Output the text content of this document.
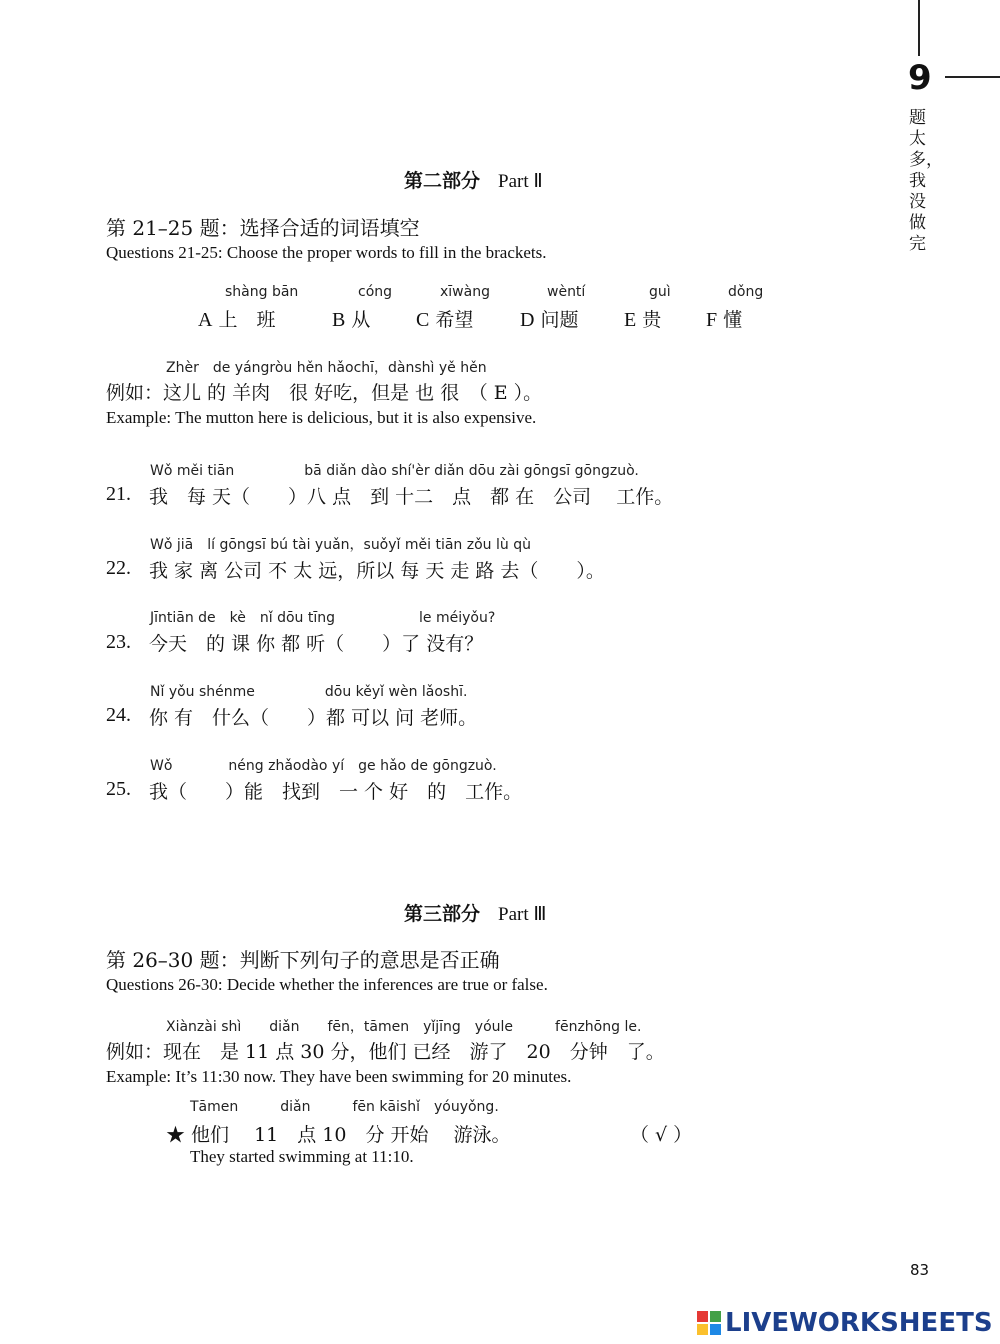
9
题太多，我没做完
第二部分 Part Ⅱ
第 21–25 题：选择合适的词语填空
Questions 21-25: Choose the proper words to fill in the brackets.
shàng bān
A 上　班
cóng
B 从
xīwàng
C 希望
wèntí
D 问题
guì
E 贵
dǒng
F 懂
Zhèr　de yángròu hěn hǎochī，dànshì yě hěn
例如：这儿 的 羊肉　很 好吃，但是 也 很　（ E ）。
Example: The mutton here is delicious, but it is also expensive.
Wǒ měi tiān　　　　　bā diǎn dào shí'èr diǎn dōu zài gōngsī gōngzuò.
21. 我　每 天（　　）八 点　到 十二　点　都 在　公司　 工作。
Wǒ jiā　lí gōngsī bú tài yuǎn，suǒyǐ měi tiān zǒu lù qù
22. 我 家 离 公司 不 太 远，所以 每 天 走 路 去（　　）。
Jīntiān de　kè　nǐ dōu tīng　　　　　　le méiyǒu?
23. 今天　的 课 你 都 听（　　）了 没有？
Nǐ yǒu shénme　　　　　dōu kěyǐ wèn lǎoshī.
24. 你 有　什么（　　）都 可以 问 老师。
Wǒ　　　　néng zhǎodào yí　ge hǎo de gōngzuò.
25. 我（　　）能　找到　一 个 好　的　工作。
第三部分 Part Ⅲ
第 26–30 题：判断下列句子的意思是否正确
Questions 26-30: Decide whether the inferences are true or false.
Xiànzài shì　　diǎn　　fēn，tāmen　yǐjīng　yóule　　　fēnzhōng le.
例如：现在　是 11 点 30 分，他们 已经　游了　20　分钟　了。
Example: It’s 11:30 now. They have been swimming for 20 minutes.
Tāmen　　　diǎn　　　fēn kāishǐ　yóuyǒng.
★ 他们　 11　点 10　分 开始　 游泳。	（ √ ）
They started swimming at 11:10.
83
LIVEWORKSHEETS
